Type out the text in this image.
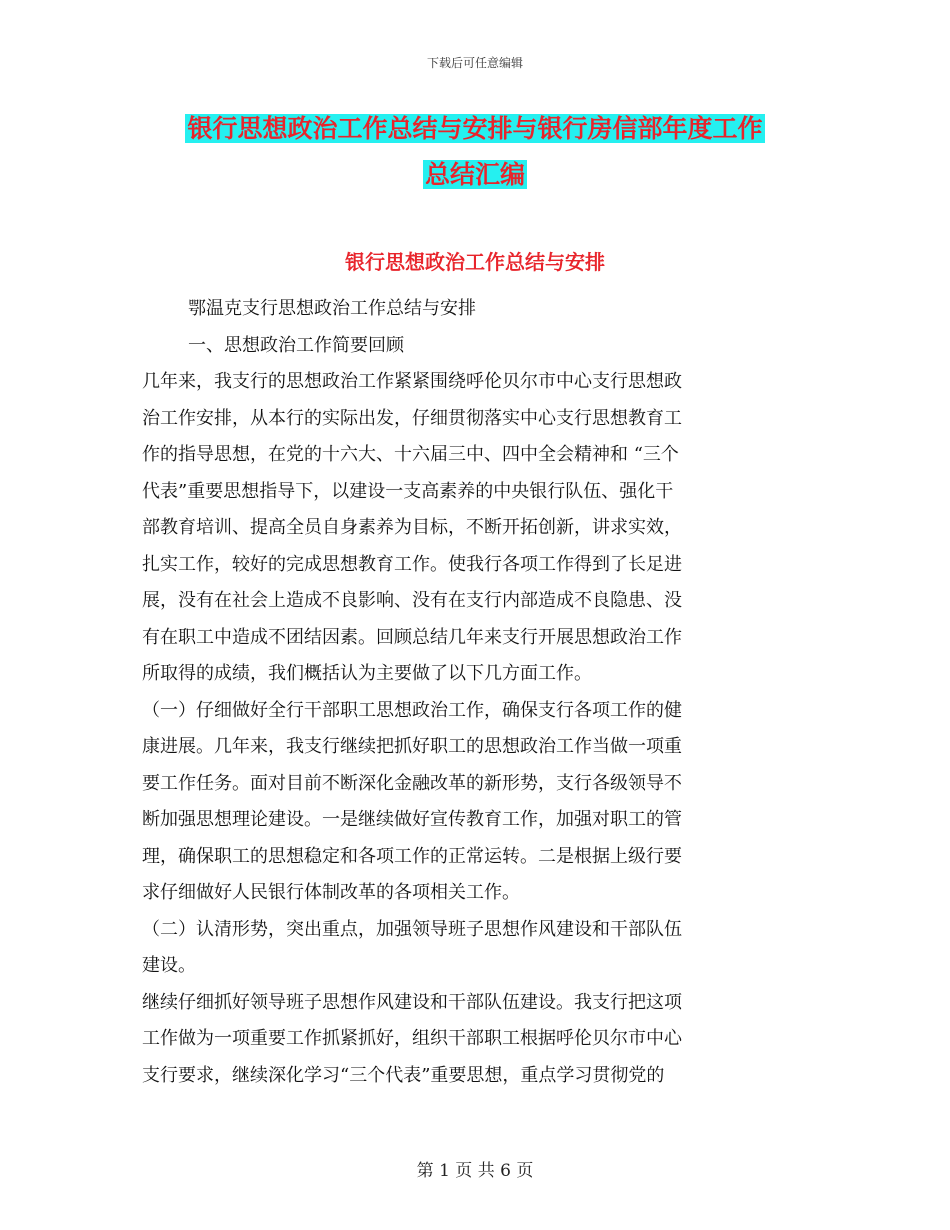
下载后可任意编辑
银行思想政治工作总结与安排与银行房信部年度工作
总结汇编
银行思想政治工作总结与安排
鄂温克支行思想政治工作总结与安排
一、思想政治工作简要回顾
几年来，我支行的思想政治工作紧紧围绕呼伦贝尔市中心支行思想政
治工作安排，从本行的实际出发，仔细贯彻落实中心支行思想教育工
作的指导思想，在党的十六大、十六届三中、四中全会精神和 “三个
代表”重要思想指导下，以建设一支高素养的中央银行队伍、强化干
部教育培训、提高全员自身素养为目标，不断开拓创新，讲求实效，
扎实工作，较好的完成思想教育工作。使我行各项工作得到了长足进
展，没有在社会上造成不良影响、没有在支行内部造成不良隐患、没
有在职工中造成不团结因素。回顾总结几年来支行开展思想政治工作
所取得的成绩，我们概括认为主要做了以下几方面工作。
（一）仔细做好全行干部职工思想政治工作，确保支行各项工作的健
康进展。几年来，我支行继续把抓好职工的思想政治工作当做一项重
要工作任务。面对目前不断深化金融改革的新形势，支行各级领导不
断加强思想理论建设。一是继续做好宣传教育工作，加强对职工的管
理，确保职工的思想稳定和各项工作的正常运转。二是根据上级行要
求仔细做好人民银行体制改革的各项相关工作。
（二）认清形势，突出重点，加强领导班子思想作风建设和干部队伍
建设。
继续仔细抓好领导班子思想作风建设和干部队伍建设。我支行把这项
工作做为一项重要工作抓紧抓好，组织干部职工根据呼伦贝尔市中心
支行要求，继续深化学习“三个代表”重要思想，重点学习贯彻党的
第 1 页 共 6 页
